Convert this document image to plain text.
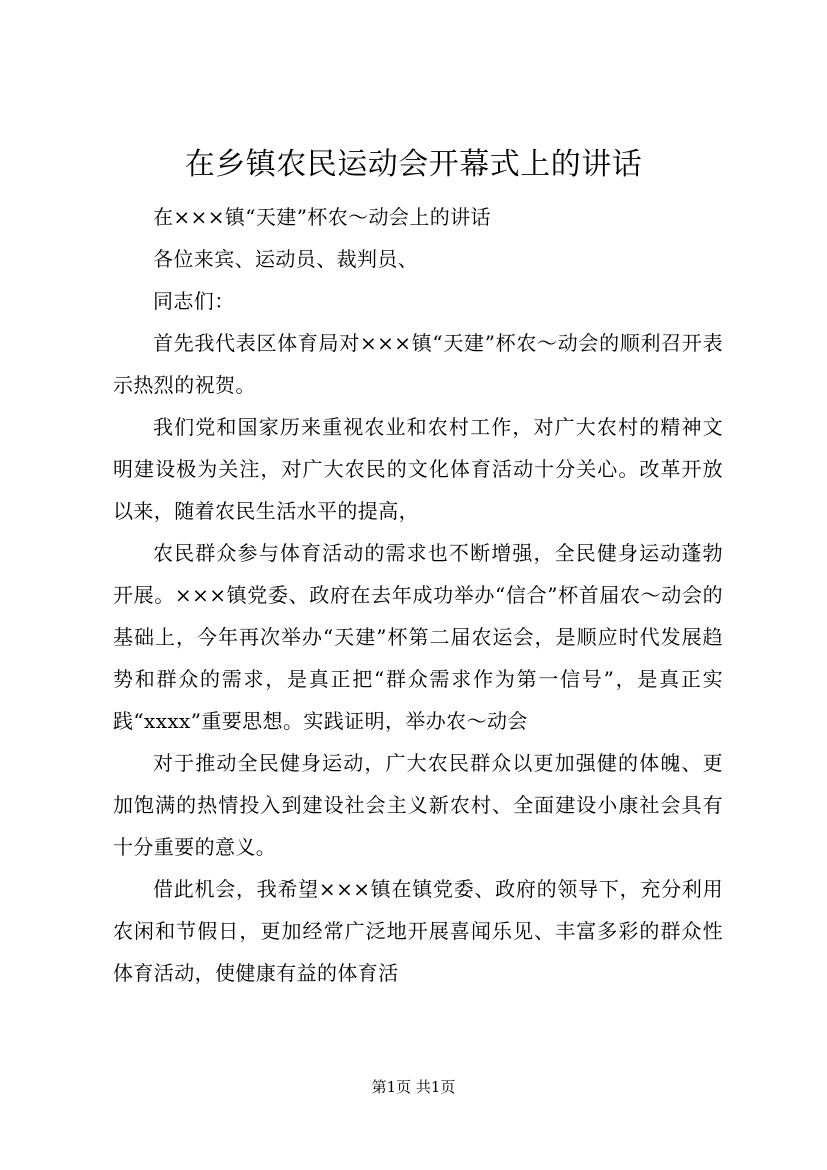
在乡镇农民运动会开幕式上的讲话

在×××镇“天建”杯农～动会上的讲话

各位来宾、运动员、裁判员、

同志们：

首先我代表区体育局对×××镇“天建”杯农～动会的顺利召开表示热烈的祝贺。

我们党和国家历来重视农业和农村工作，对广大农村的精神文明建设极为关注，对广大农民的文化体育活动十分关心。改革开放以来，随着农民生活水平的提高，

农民群众参与体育活动的需求也不断增强，全民健身运动蓬勃开展。×××镇党委、政府在去年成功举办“信合”杯首届农～动会的基础上，今年再次举办“天建”杯第二届农运会，是顺应时代发展趋势和群众的需求，是真正把“群众需求作为第一信号”，是真正实践“xxxx”重要思想。实践证明，举办农～动会

对于推动全民健身运动，广大农民群众以更加强健的体魄、更加饱满的热情投入到建设社会主义新农村、全面建设小康社会具有十分重要的意义。

借此机会，我希望×××镇在镇党委、政府的领导下，充分利用农闲和节假日，更加经常广泛地开展喜闻乐见、丰富多彩的群众性体育活动，使健康有益的体育活

第1页 共1页
